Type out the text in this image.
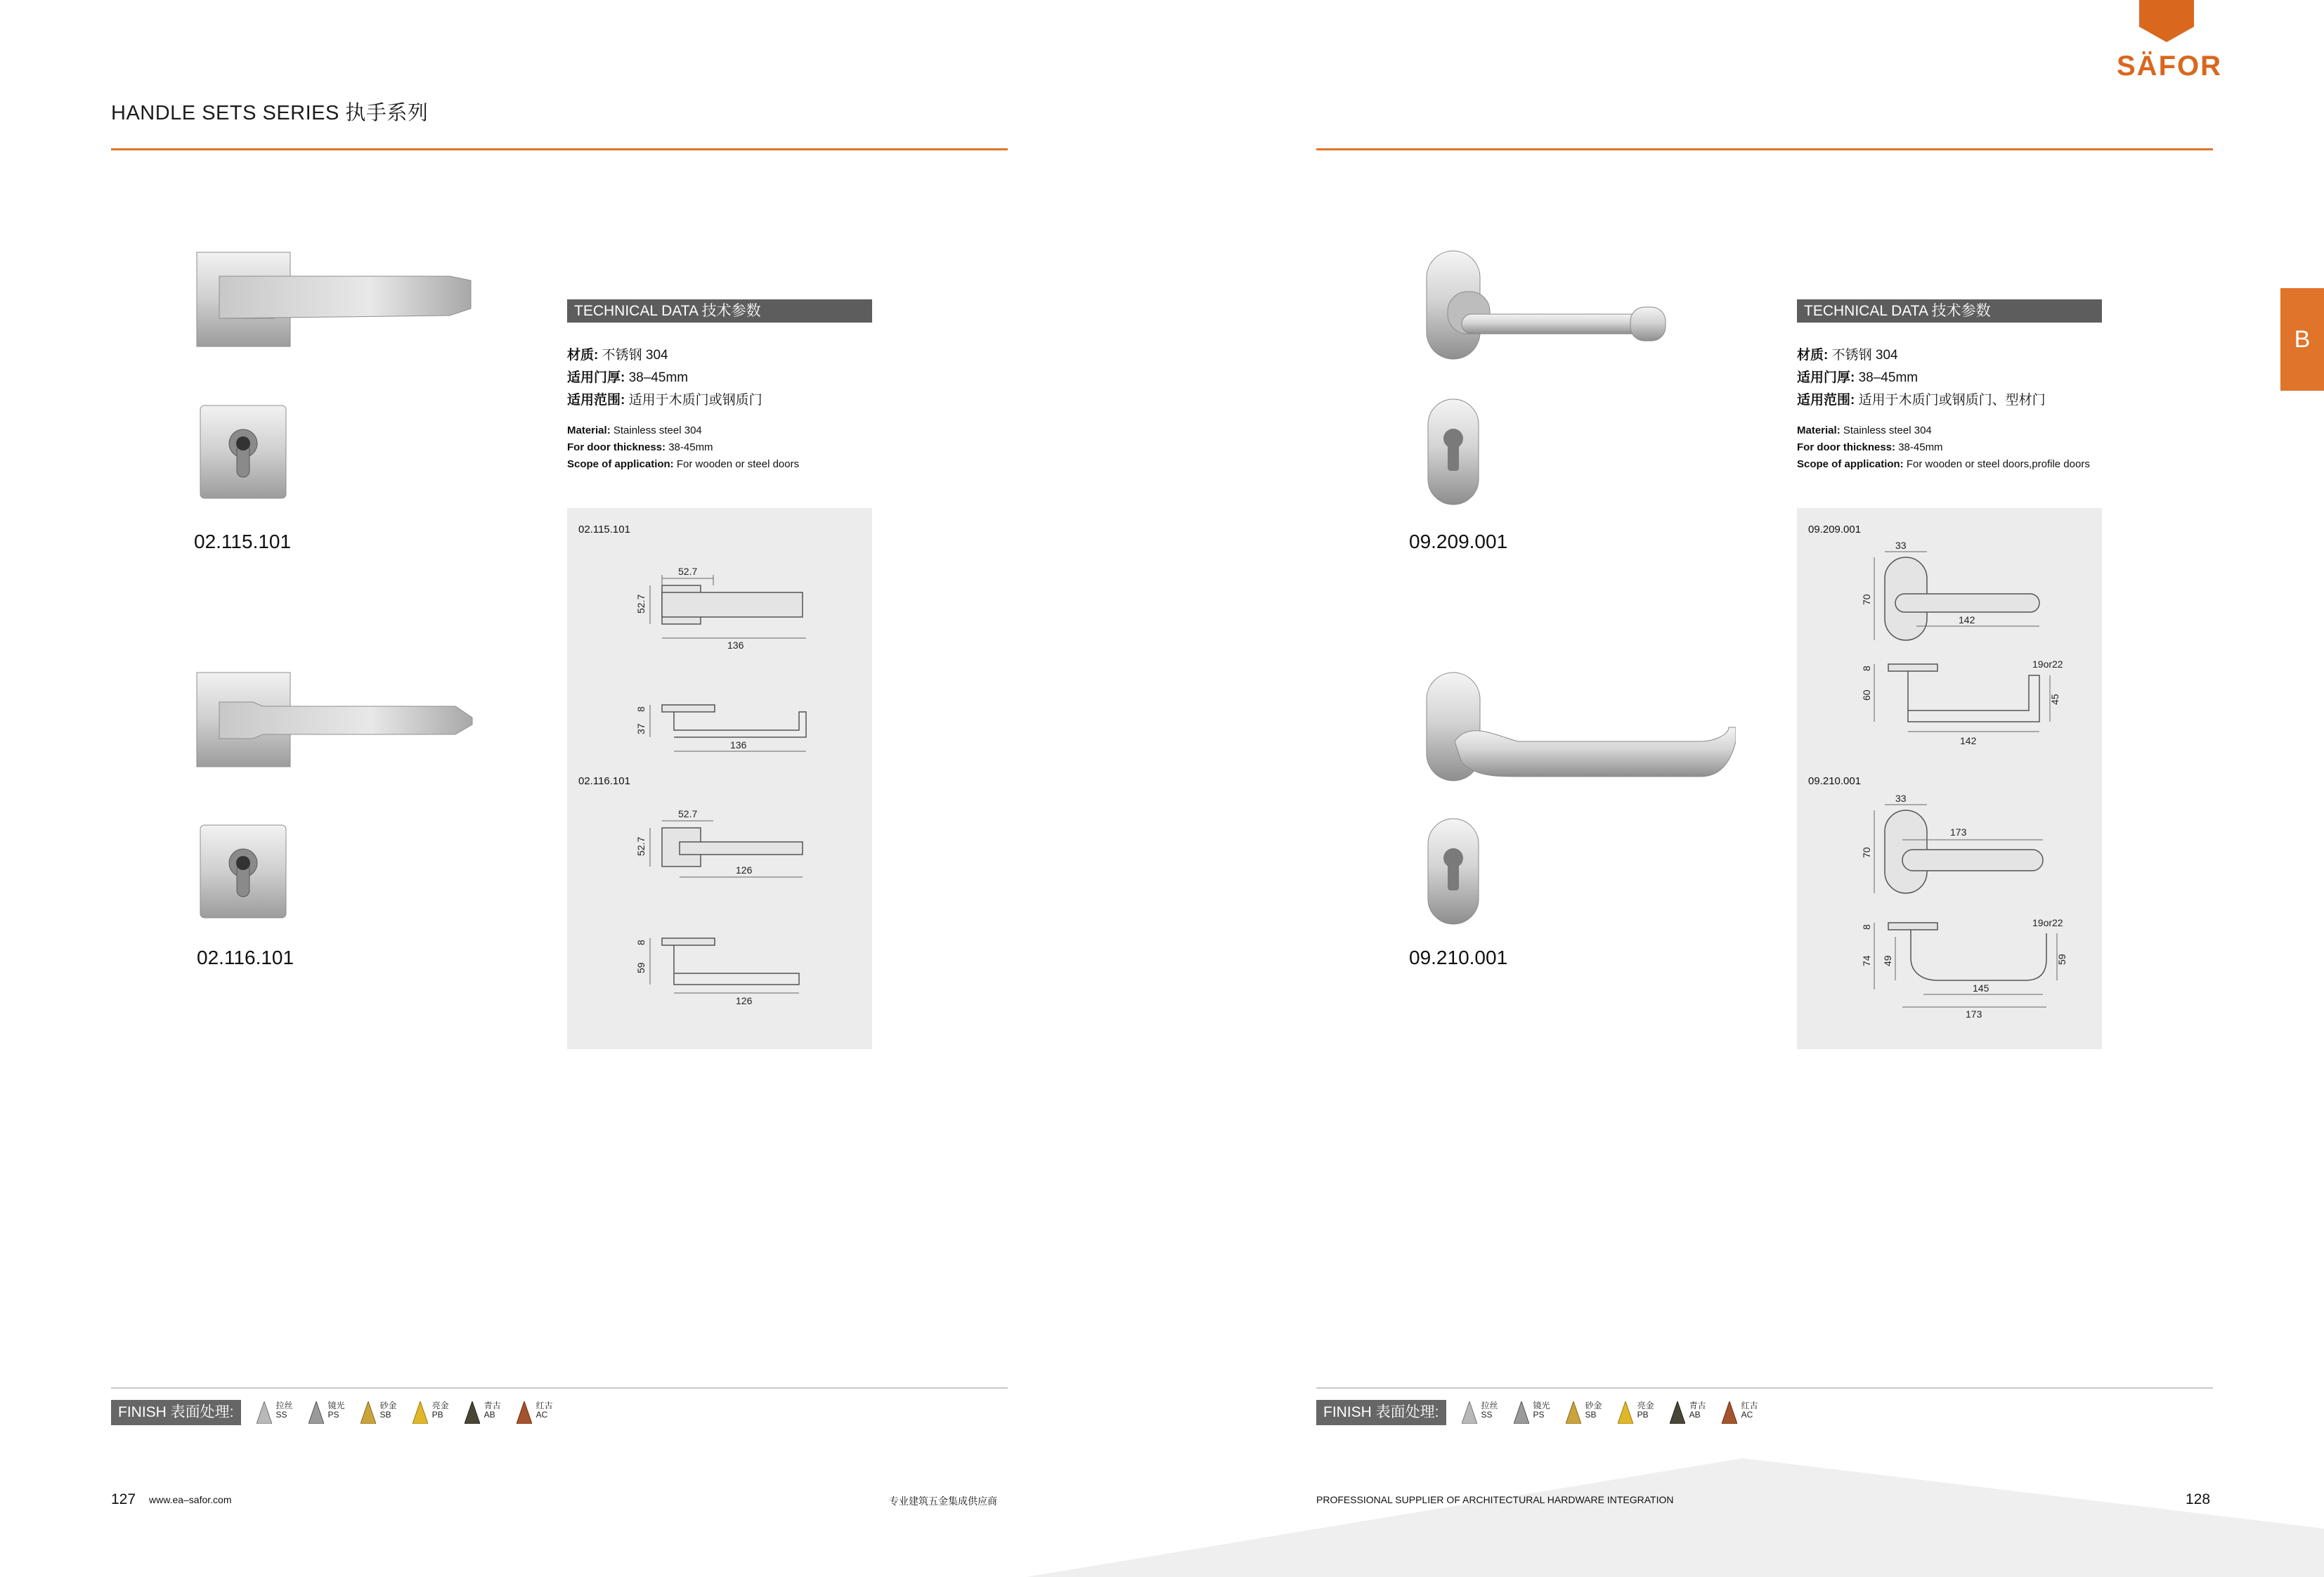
HANDLE SETS SERIES 执手系列
SÄFOR
B
02.115.101
02.116.101
TECHNICAL DATA 技术参数
材质: 不锈钢 304
适用门厚: 38–45mm
适用范围: 适用于木质门或钢质门
Material: Stainless steel 304
For door thickness: 38-45mm
Scope of application: For wooden or steel doors
02.115.101
52.7
52.7
136
8
37
136
02.116.101
52.7
52.7
126
8
59
126
09.209.001
09.210.001
TECHNICAL DATA 技术参数
材质: 不锈钢 304
适用门厚: 38–45mm
适用范围: 适用于木质门或钢质门、型材门
Material: Stainless steel 304
For door thickness: 38-45mm
Scope of application: For wooden or steel doors,profile doors
09.209.001
33
70
142
8	19or22
60	45
142
09.210.001
33
70
173
8	19or22
74 49	59
145
173
FINISH 表面处理:	拉丝
SS
镜光
PS
砂金
SB
亮金
PB
青古
AB
红古
AC	FINISH 表面处理:	拉丝
SS
镜光
PS
砂金
SB
亮金
PB
青古
AB
红古
AC
127 www.ea–safor.com	专业建筑五金集成供应商	PROFESSIONAL SUPPLIER OF ARCHITECTURAL HARDWARE INTEGRATION	128
